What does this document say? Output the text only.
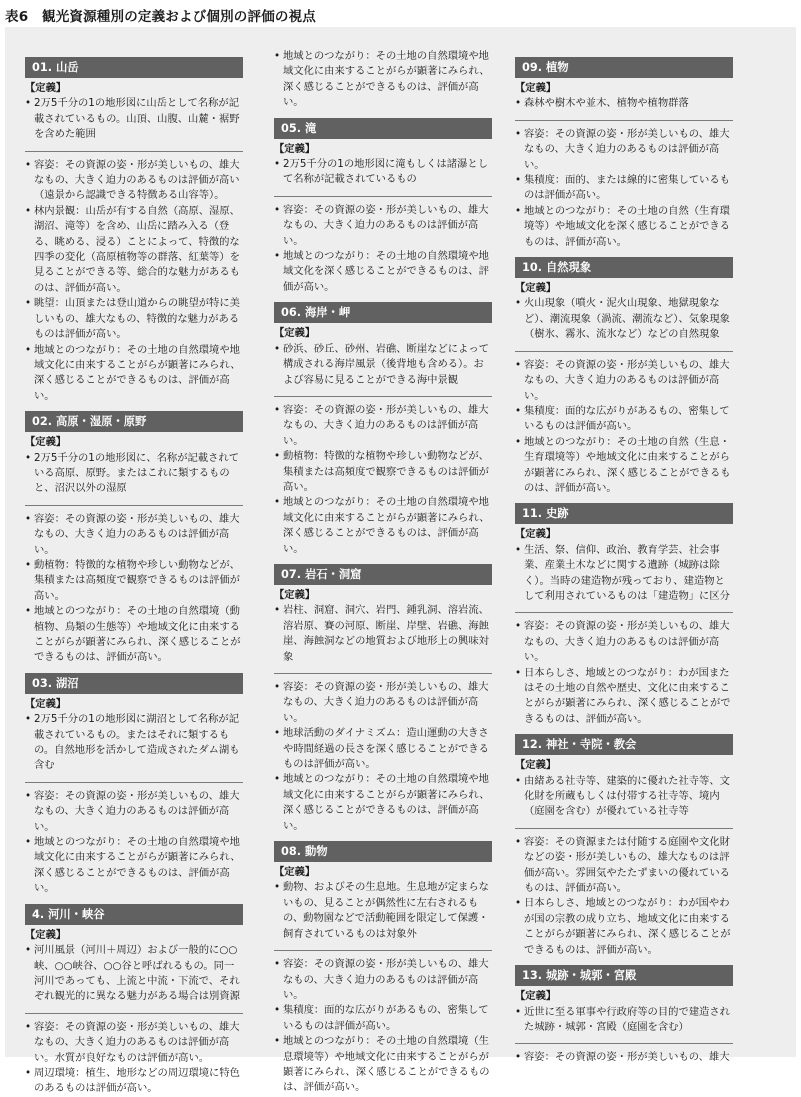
表6　観光資源種別の定義および個別の評価の視点
01. 山岳
【定義】
• 2万5千分の1の地形図に山岳として名称が記載されているもの。山頂、山腹、山麓・裾野を含めた範囲
• 容姿：その資源の姿・形が美しいもの、雄大なもの、大きく迫力のあるものは評価が高い（遠景から認識できる特徴ある山容等）。
• 林内景観：山岳が有する自然（高原、湿原、湖沼、滝等）を含め、山岳に踏み入る（登る、眺める、浸る）ことによって、特徴的な四季の変化（高原植物等の群落、紅葉等）を見ることができる等、総合的な魅力があるものは、評価が高い。
• 眺望：山頂または登山道からの眺望が特に美しいもの、雄大なもの、特徴的な魅力があるものは評価が高い。
• 地域とのつながり：その土地の自然環境や地域文化に由来することがらが顕著にみられ、深く感じることができるものは、評価が高い。
02. 高原・湿原・原野
【定義】
• 2万5千分の1の地形図に、名称が記載されている高原、原野。またはこれに類するものと、沼沢以外の湿原
• 容姿：その資源の姿・形が美しいもの、雄大なもの、大きく迫力のあるものは評価が高い。
• 動植物：特徴的な植物や珍しい動物などが、集積または高頻度で観察できるものは評価が高い。
• 地域とのつながり：その土地の自然環境（動植物、鳥類の生態等）や地域文化に由来することがらが顕著にみられ、深く感じることができるものは、評価が高い。
03. 湖沼
【定義】
• 2万5千分の1の地形図に湖沼として名称が記載されているもの。またはそれに類するもの。自然地形を活かして造成されたダム湖も含む
• 容姿：その資源の姿・形が美しいもの、雄大なもの、大きく迫力のあるものは評価が高い。
• 地域とのつながり：その土地の自然環境や地域文化に由来することがらが顕著にみられ、深く感じることができるものは、評価が高い。
4. 河川・峡谷
【定義】
• 河川風景（河川＋周辺）および一般的に○○峡、○○峡谷、○○谷と呼ばれるもの。同一河川であっても、上流と中流・下流で、それぞれ観光的に異なる魅力がある場合は別資源
• 容姿：その資源の姿・形が美しいもの、雄大なもの、大きく迫力のあるものは評価が高い。水質が良好なものは評価が高い。
• 周辺環境：植生、地形などの周辺環境に特色のあるものは評価が高い。
• 地域とのつながり：その土地の自然環境や地域文化に由来することがらが顕著にみられ、深く感じることができるものは、評価が高い。
05. 滝
【定義】
• 2万5千分の1の地形図に滝もしくは諸瀑として名称が記載されているもの
• 容姿：その資源の姿・形が美しいもの、雄大なもの、大きく迫力のあるものは評価が高い。
• 地域とのつながり：その土地の自然環境や地域文化を深く感じることができるものは、評価が高い。
06. 海岸・岬
【定義】
• 砂浜、砂丘、砂州、岩礁、断崖などによって構成される海岸風景（後背地も含める）。および容易に見ることができる海中景観
• 容姿：その資源の姿・形が美しいもの、雄大なもの、大きく迫力のあるものは評価が高い。
• 動植物：特徴的な植物や珍しい動物などが、集積または高頻度で観察できるものは評価が高い。
• 地域とのつながり：その土地の自然環境や地域文化に由来することがらが顕著にみられ、深く感じることができるものは、評価が高い。
07. 岩石・洞窟
【定義】
• 岩柱、洞窟、洞穴、岩門、鍾乳洞、溶岩流、溶岩原、賽の河原、断崖、岸壁、岩礁、海蝕崖、海蝕洞などの地質および地形上の興味対象
• 容姿：その資源の姿・形が美しいもの、雄大なもの、大きく迫力のあるものは評価が高い。
• 地球活動のダイナミズム：造山運動の大きさや時間経過の長さを深く感じることができるものは評価が高い。
• 地域とのつながり：その土地の自然環境や地域文化に由来することがらが顕著にみられ、深く感じることができるものは、評価が高い。
08. 動物
【定義】
• 動物、およびその生息地。生息地が定まらないもの、見ることが偶然性に左右されるもの、動物園などで活動範囲を限定して保護・飼育されているものは対象外
• 容姿：その資源の姿・形が美しいもの、雄大なもの、大きく迫力のあるものは評価が高い。
• 集積度：面的な広がりがあるもの、密集しているものは評価が高い。
• 地域とのつながり：その土地の自然環境（生息環境等）や地域文化に由来することがらが顕著にみられ、深く感じることができるものは、評価が高い。
09. 植物
【定義】
• 森林や樹木や並木、植物や植物群落
• 容姿：その資源の姿・形が美しいもの、雄大なもの、大きく迫力のあるものは評価が高い。
• 集積度：面的、または線的に密集しているものは評価が高い。
• 地域とのつながり：その土地の自然（生育環境等）や地域文化を深く感じることができるものは、評価が高い。
10. 自然現象
【定義】
• 火山現象（噴火・泥火山現象、地獄現象など）、潮流現象（渦流、潮流など）、気象現象（樹氷、霧氷、流氷など）などの自然現象
• 容姿：その資源の姿・形が美しいもの、雄大なもの、大きく迫力のあるものは評価が高い。
• 集積度：面的な広がりがあるもの、密集しているものは評価が高い。
• 地域とのつながり：その土地の自然（生息・生育環境等）や地域文化に由来することがらが顕著にみられ、深く感じることができるものは、評価が高い。
11. 史跡
【定義】
• 生活、祭、信仰、政治、教育学芸、社会事業、産業土木などに関する遺跡（城跡は除く）。当時の建造物が残っており、建造物として利用されているものは「建造物」に区分
• 容姿：その資源の姿・形が美しいもの、雄大なもの、大きく迫力のあるものは評価が高い。
• 日本らしさ、地域とのつながり：わが国またはその土地の自然や歴史、文化に由来することがらが顕著にみられ、深く感じることができるものは、評価が高い。
12. 神社・寺院・教会
【定義】
• 由緒ある社寺等、建築的に優れた社寺等、文化財を所蔵もしくは付帯する社寺等、境内（庭園を含む）が優れている社寺等
• 容姿：その資源または付随する庭園や文化財などの姿・形が美しいもの、雄大なものは評価が高い。雰囲気やたたずまいの優れているものは、評価が高い。
• 日本らしさ、地域とのつながり：わが国やわが国の宗教の成り立ち、地域文化に由来することがらが顕著にみられ、深く感じることができるものは、評価が高い。
13. 城跡・城郭・宮殿
【定義】
• 近世に至る軍事や行政府等の目的で建造された城跡・城郭・宮殿（庭園を含む）
• 容姿：その資源の姿・形が美しいもの、雄大
